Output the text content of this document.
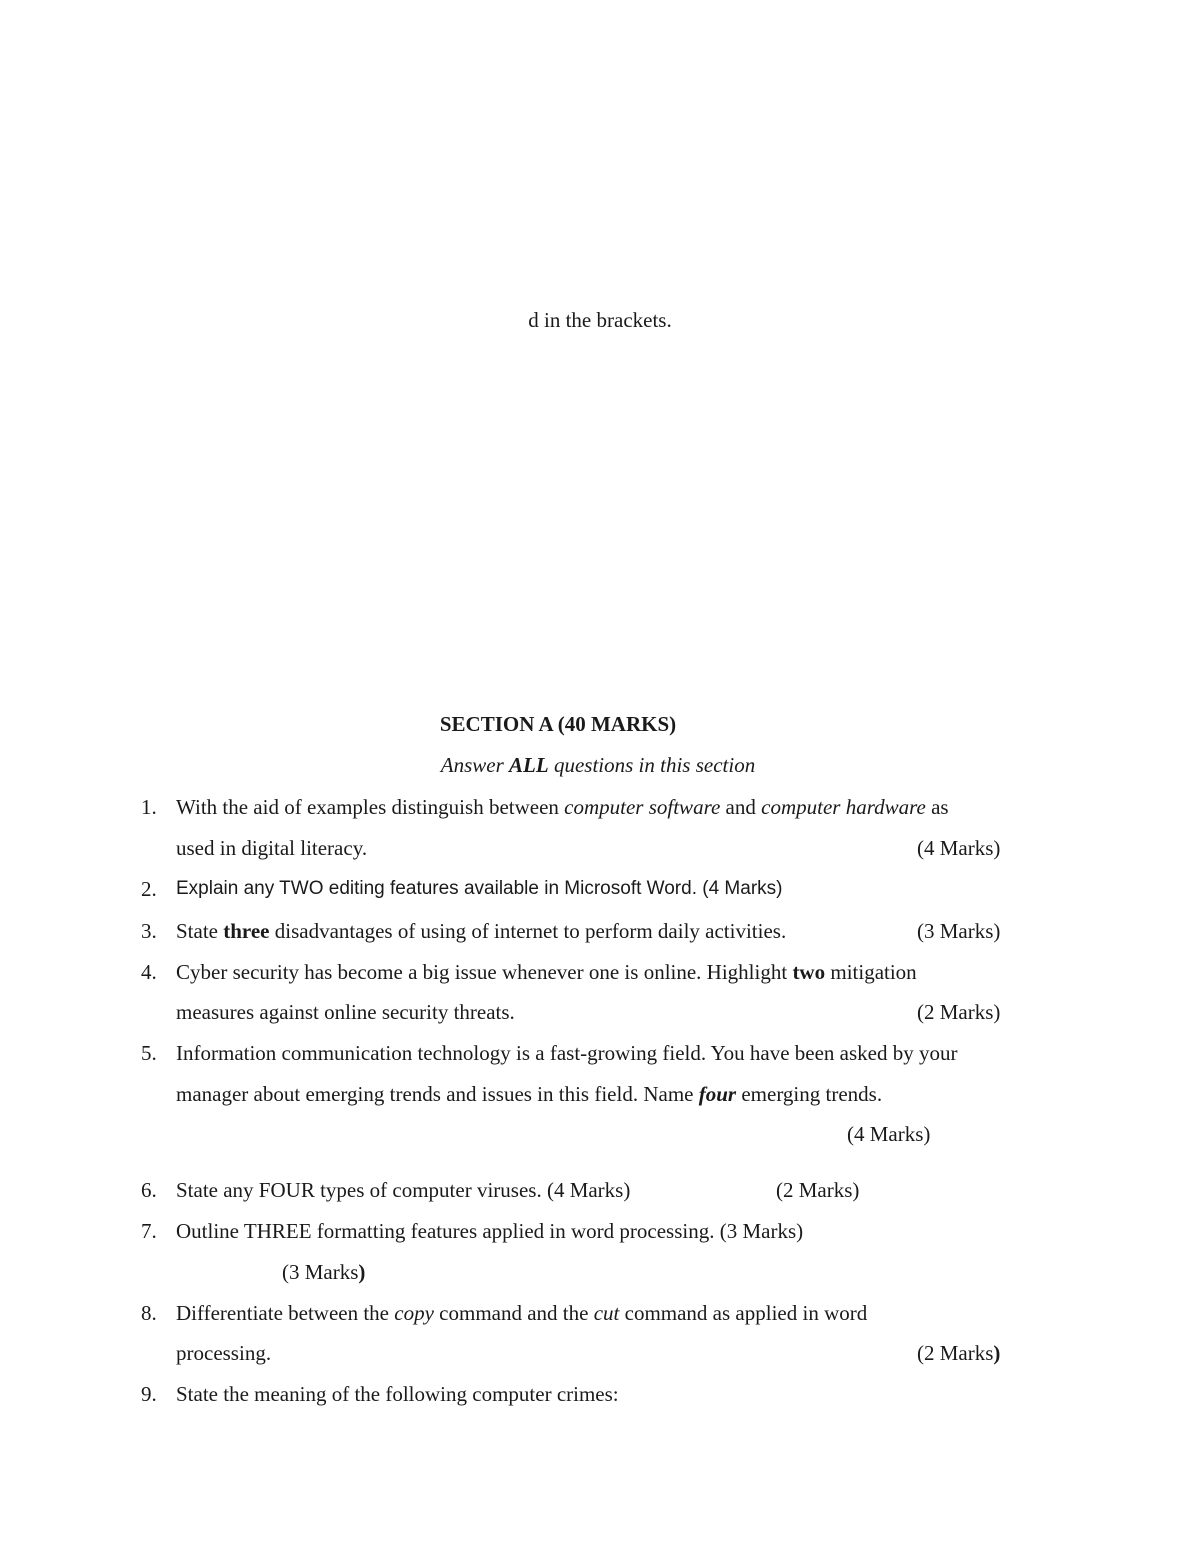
d in the brackets.
SECTION A (40 MARKS)
Answer ALL questions in this section
1. With the aid of examples distinguish between computer software and computer hardware as
used in digital literacy.	(4 Marks)
2. Explain any TWO editing features available in Microsoft Word. (4 Marks)
3. State three disadvantages of using of internet to perform daily activities.	(3 Marks)
4. Cyber security has become a big issue whenever one is online. Highlight two mitigation
measures against online security threats.	(2 Marks)
5. Information communication technology is a fast-growing field. You have been asked by your
manager about emerging trends and issues in this field. Name four emerging trends.
(4 Marks)
6. State any FOUR types of computer viruses. (4 Marks)	(2 Marks)
7. Outline THREE formatting features applied in word processing. (3 Marks)
(3 Marks)
8. Differentiate between the copy command and the cut command as applied in word
processing.	(2 Marks)
9. State the meaning of the following computer crimes:
